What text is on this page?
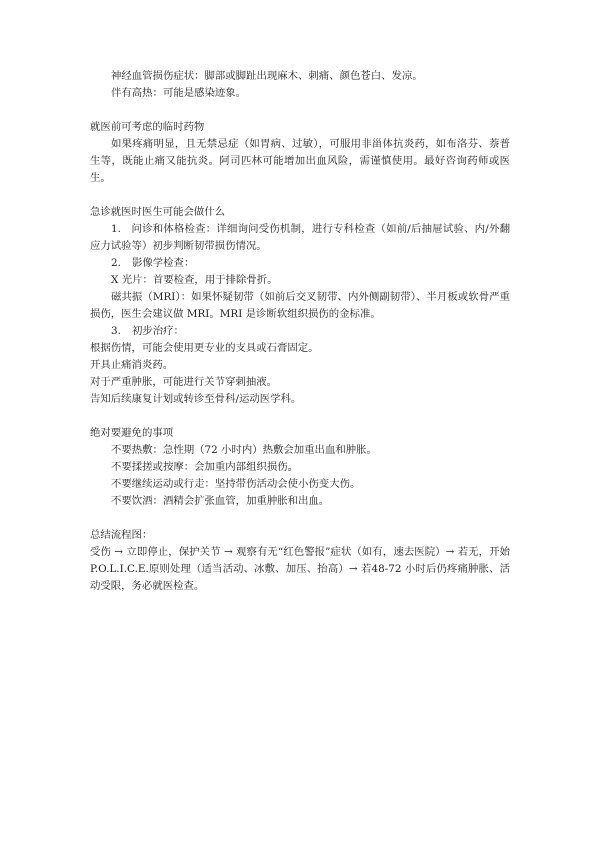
神经血管损伤症状：脚部或脚趾出现麻木、刺痛、颜色苍白、发凉。

伴有高热：可能是感染迹象。

就医前可考虑的临时药物

如果疼痛明显，且无禁忌症（如胃病、过敏），可服用非甾体抗炎药，如布洛芬、萘普生等，既能止痛又能抗炎。阿司匹林可能增加出血风险，需谨慎使用。最好咨询药师或医生。

急诊就医时医生可能会做什么

1. 问诊和体格检查：详细询问受伤机制，进行专科检查（如前/后抽屉试验、内/外翻应力试验等）初步判断韧带损伤情况。

2. 影像学检查：

X 光片：首要检查，用于排除骨折。

磁共振（MRI）：如果怀疑韧带（如前后交叉韧带、内外侧副韧带）、半月板或软骨严重损伤，医生会建议做 MRI。MRI 是诊断软组织损伤的金标准。

3. 初步治疗：

根据伤情，可能会使用更专业的支具或石膏固定。

开具止痛消炎药。

对于严重肿胀，可能进行关节穿刺抽液。

告知后续康复计划或转诊至骨科/运动医学科。

绝对要避免的事项

不要热敷：急性期（72 小时内）热敷会加重出血和肿胀。

不要揉搓或按摩：会加重内部组织损伤。

不要继续运动或行走：坚持带伤活动会使小伤变大伤。

不要饮酒：酒精会扩张血管，加重肿胀和出血。

总结流程图：

受伤 → 立即停止，保护关节 → 观察有无“红色警报”症状（如有，速去医院）→ 若无，开始 P.O.L.I.C.E.原则处理（适当活动、冰敷、加压、抬高）→ 若48-72 小时后仍疼痛肿胀、活动受限，务必就医检查。
